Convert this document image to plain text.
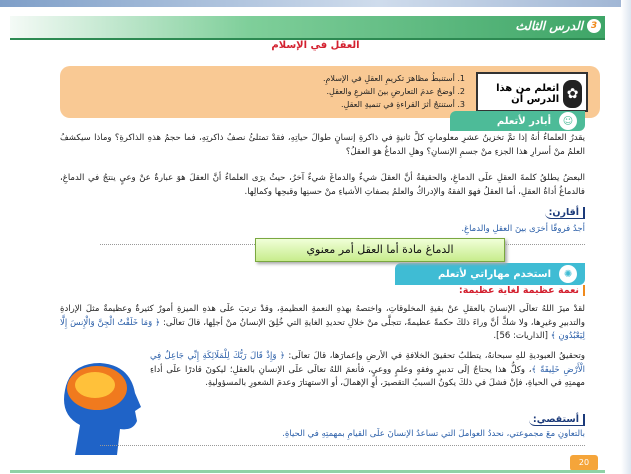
3
الدرس الثالث
العقل في الإسلام
✿
اتعلم من هذا الدرس أن
1. أستنبطُ مظاهرَ تكريمِ العقلِ في الإسلامِ.
2. أوضحُ عدمَ التعارضِ بينَ الشرعِ والعقلِ.
3. أستنتجُ أثرَ القراءةِ في تنميةِ العقلِ.
☺
أبادر لأتعلم
يقدرُ العلماءُ أنهُ إذا تمَّ تخزينُ عشرِ معلوماتٍ كلَّ ثانيةٍ في ذاكرةِ إنسانٍ طوالَ حياتِهِ، فقدْ تمتلئُ نصفُ ذاكرتِهِ، فما حجمُ هذهِ الذاكرةِ؟ وماذا سيكشفُ العلمُ منْ أسرارِ هذا الجزءِ منْ جسمِ الإنسانِ؟ وهلِ الدماغُ هوَ العقلُ؟
البعضُ يطلقُ كلمةَ العقلِ علَى الدماغِ، والحقيقةُ أنَّ العقلَ شيءٌ والدماغَ شيءٌ آخرُ، حيثُ يرَى العلماءُ أنَّ العقلَ هوَ عبارةٌ عنْ وعيٍ ينتجُ في الدماغِ، فالدماغُ أداةُ العقلِ، أما العقلُ فهوَ الفقهُ والإدراكُ والعلمُ بصفاتِ الأشياءِ منْ حسنِها وقبحِها وكمالِها.
أقارن:
أجدُ فروقًا أخرَى بينَ العقلِ والدماغِ.
✺
استخدم مهاراتي لأتعلم
الدماغ مادة أما العقل أمر معنوي
نعمة عظيمة لغاية عظيمة:
لقدْ ميزَ اللهُ تعالَى الإنسانَ بالعقلِ عنْ بقيةِ المخلوقاتِ، واختصهُ بهذهِ النعمةِ العظيمةِ، وقدْ ترتبَ علَى هذهِ الميزةِ أمورٌ كثيرةٌ وعظيمةٌ مثلَ الإرادةِ والتدبيرِ وغيرِها، ولا شكَّ أنَّ وراءَ ذلكَ حكمةً عظيمةً، تتجلَّى منْ خلالِ تحديدِ الغايةِ التي خُلِقَ الإنسانُ منْ أجلِها، قالَ تعالَى: ﴿ وَمَا خَلَقْتُ الْجِنَّ وَالْإِنسَ إِلَّا لِيَعْبُدُونِ ﴾ [الذاريات: 56].
وتحقيقُ العبوديةِ للهِ سبحانهُ، يتطلبُ تحقيقَ الخلافةِ في الأرضِ وإعمارَها، قالَ تعالَى: ﴿ وَإِذْ قَالَ رَبُّكَ لِلْمَلَائِكَةِ إِنِّي جَاعِلٌ فِي الْأَرْضِ خَلِيفَةً ﴾، وكلُّ هذا يحتاجُ إلَى تدبيرٍ وفقهٍ وعلمٍ ووعيٍ، فأنعمَ اللهُ تعالَى علَى الإنسانِ بالعقلِ؛ ليكونَ قادرًا علَى أداءِ مهمتِهِ في الحياةِ، فإنْ فشلَ في ذلكَ يكونُ السببُ التقصيرَ، أوِ الإهمالَ، أو الاستهتارَ وعدمَ الشعورِ بالمسؤوليةِ.
أستقصي:
بالتعاونِ معَ مجموعتي، نحددُ العواملَ التي تساعدُ الإنسانَ علَى القيامِ بمهمتِهِ في الحياةِ.
20
